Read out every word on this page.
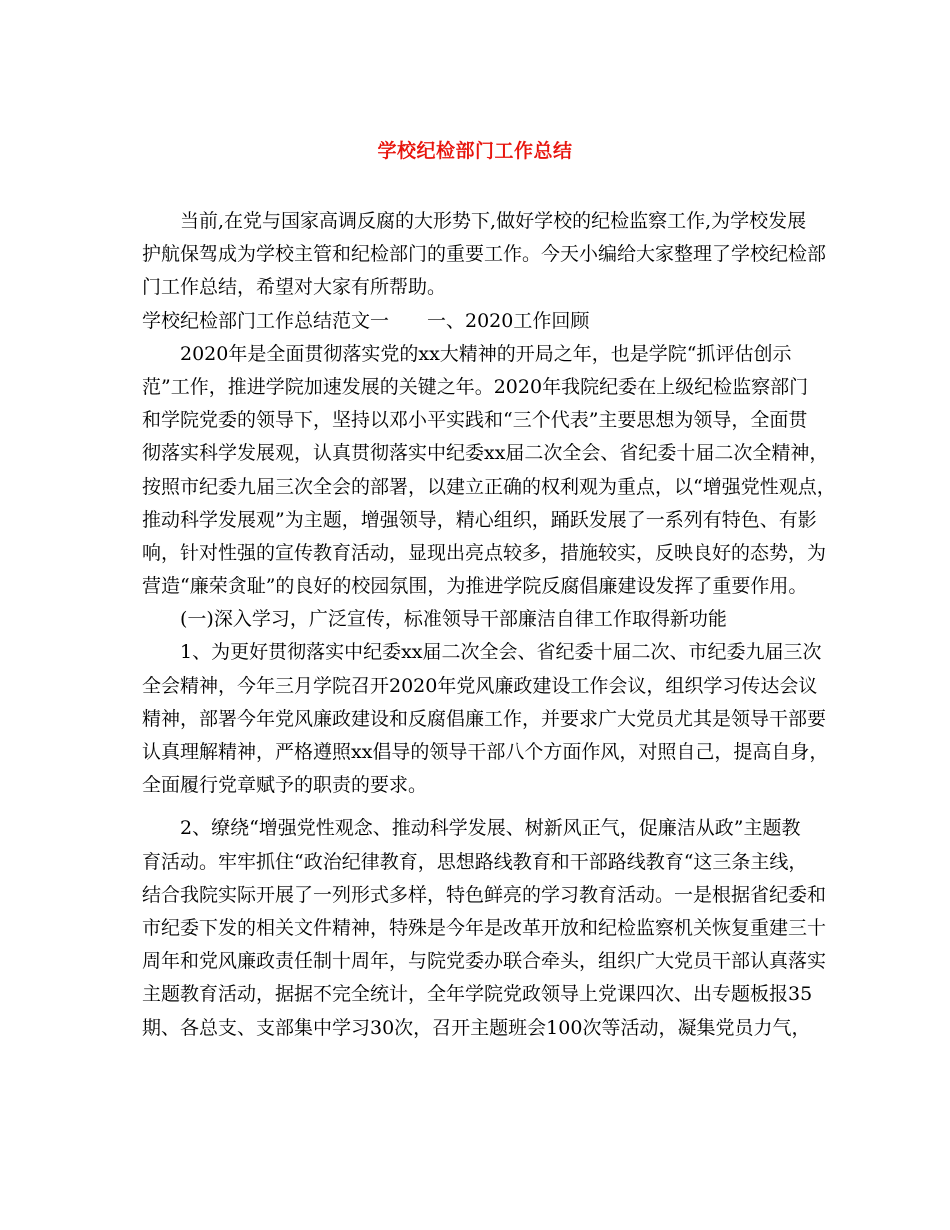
学校纪检部门工作总结
当前,在党与国家高调反腐的大形势下,做好学校的纪检监察工作,为学校发展
护航保驾成为学校主管和纪检部门的重要工作。今天小编给大家整理了学校纪检部
门工作总结，希望对大家有所帮助。
学校纪检部门工作总结范文一　　一、2020工作回顾
2020年是全面贯彻落实党的xx大精神的开局之年，也是学院“抓评估创示
范”工作，推进学院加速发展的关键之年。2020年我院纪委在上级纪检监察部门
和学院党委的领导下，坚持以邓小平实践和“三个代表”主要思想为领导，全面贯
彻落实科学发展观，认真贯彻落实中纪委xx届二次全会、省纪委十届二次全精神，
按照市纪委九届三次全会的部署，以建立正确的权利观为重点，以“增强党性观点，
推动科学发展观”为主题，增强领导，精心组织，踊跃发展了一系列有特色、有影
响，针对性强的宣传教育活动，显现出亮点较多，措施较实，反映良好的态势，为
营造“廉荣贪耻”的良好的校园氛围，为推进学院反腐倡廉建设发挥了重要作用。
(一)深入学习，广泛宣传，标准领导干部廉洁自律工作取得新功能
1、为更好贯彻落实中纪委xx届二次全会、省纪委十届二次、市纪委九届三次
全会精神，今年三月学院召开2020年党风廉政建设工作会议，组织学习传达会议
精神，部署今年党风廉政建设和反腐倡廉工作，并要求广大党员尤其是领导干部要
认真理解精神，严格遵照xx倡导的领导干部八个方面作风，对照自己，提高自身，
全面履行党章赋予的职责的要求。
2、缭绕“增强党性观念、推动科学发展、树新风正气，促廉洁从政”主题教
育活动。牢牢抓住“政治纪律教育，思想路线教育和干部路线教育“这三条主线，
结合我院实际开展了一列形式多样，特色鲜亮的学习教育活动。一是根据省纪委和
市纪委下发的相关文件精神，特殊是今年是改革开放和纪检监察机关恢复重建三十
周年和党风廉政责任制十周年，与院党委办联合牵头，组织广大党员干部认真落实
主题教育活动，据据不完全统计，全年学院党政领导上党课四次、出专题板报35
期、各总支、支部集中学习30次，召开主题班会100次等活动，凝集党员力气，
